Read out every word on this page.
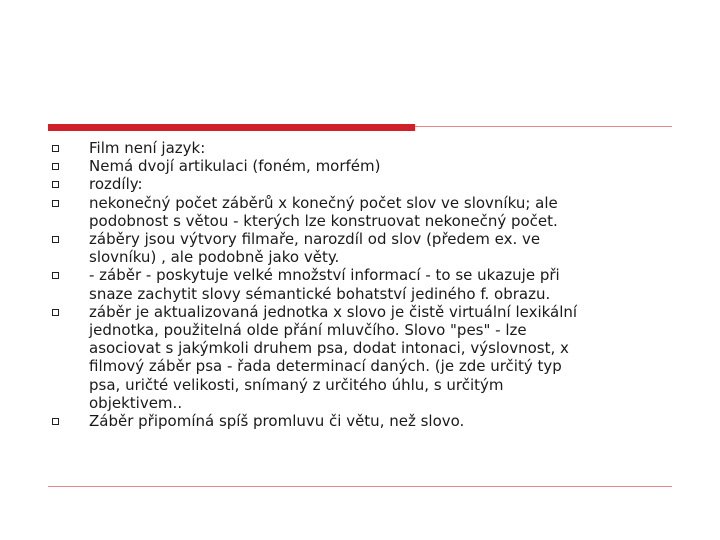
Film není jazyk:
Nemá dvojí artikulaci (foném, morfém)
rozdíly:
nekonečný počet záběrů x konečný počet slov ve slovníku; ale
podobnost s větou - kterých lze konstruovat nekonečný počet.
záběry jsou výtvory filmaře, narozdíl od slov (předem ex. ve
slovníku) , ale podobně jako věty.
- záběr - poskytuje velké množství informací - to se ukazuje při
snaze zachytit slovy sémantické bohatství jediného f. obrazu.
záběr je aktualizovaná jednotka x slovo je čistě virtuální lexikální
jednotka, použitelná olde přání mluvčího. Slovo "pes" - lze
asociovat s jakýmkoli druhem psa, dodat intonaci, výslovnost, x
filmový záběr psa - řada determinací daných. (je zde určitý typ
psa, uričté velikosti, snímaný z určitého úhlu, s určitým
objektivem..
Záběr připomíná spíš promluvu či větu, než slovo.
